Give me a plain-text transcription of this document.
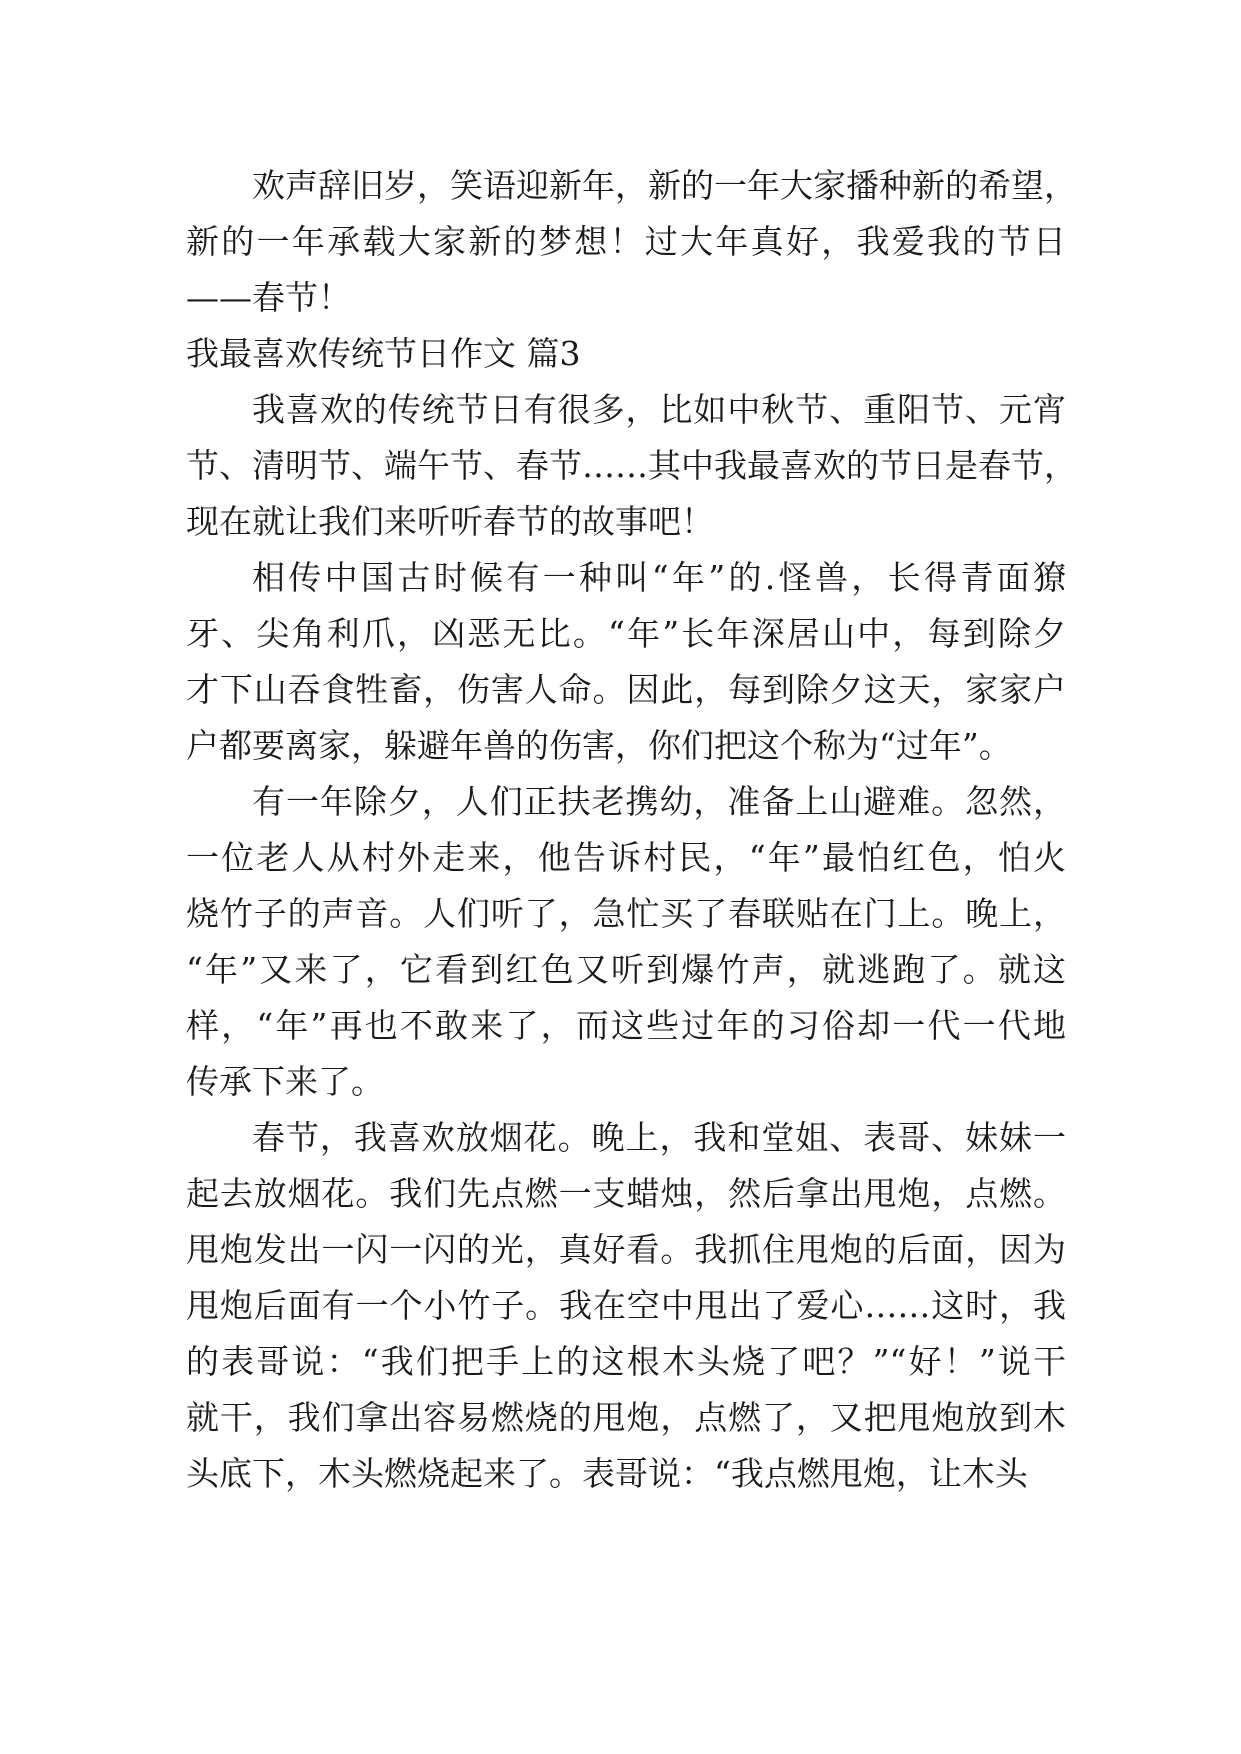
欢声辞旧岁，笑语迎新年，新的一年大家播种新的希望，
新的一年承载大家新的梦想！过大年真好，我爱我的节日
——春节！
我最喜欢传统节日作文 篇3
我喜欢的传统节日有很多，比如中秋节、重阳节、元宵
节、清明节、端午节、春节……其中我最喜欢的节日是春节，
现在就让我们来听听春节的故事吧！
相传中国古时候有一种叫“年”的.怪兽，长得青面獠
牙、尖角利爪，凶恶无比。“年”长年深居山中，每到除夕
才下山吞食牲畜，伤害人命。因此，每到除夕这天，家家户
户都要离家，躲避年兽的伤害，你们把这个称为“过年”。
有一年除夕，人们正扶老携幼，准备上山避难。忽然，
一位老人从村外走来，他告诉村民，“年”最怕红色，怕火
烧竹子的声音。人们听了，急忙买了春联贴在门上。晚上，
“年”又来了，它看到红色又听到爆竹声，就逃跑了。就这
样，“年”再也不敢来了，而这些过年的习俗却一代一代地
传承下来了。
春节，我喜欢放烟花。晚上，我和堂姐、表哥、妹妹一
起去放烟花。我们先点燃一支蜡烛，然后拿出甩炮，点燃。
甩炮发出一闪一闪的光，真好看。我抓住甩炮的后面，因为
甩炮后面有一个小竹子。我在空中甩出了爱心……这时，我
的表哥说：“我们把手上的这根木头烧了吧？”“好！”说干
就干，我们拿出容易燃烧的甩炮，点燃了，又把甩炮放到木
头底下，木头燃烧起来了。表哥说：“我点燃甩炮，让木头
